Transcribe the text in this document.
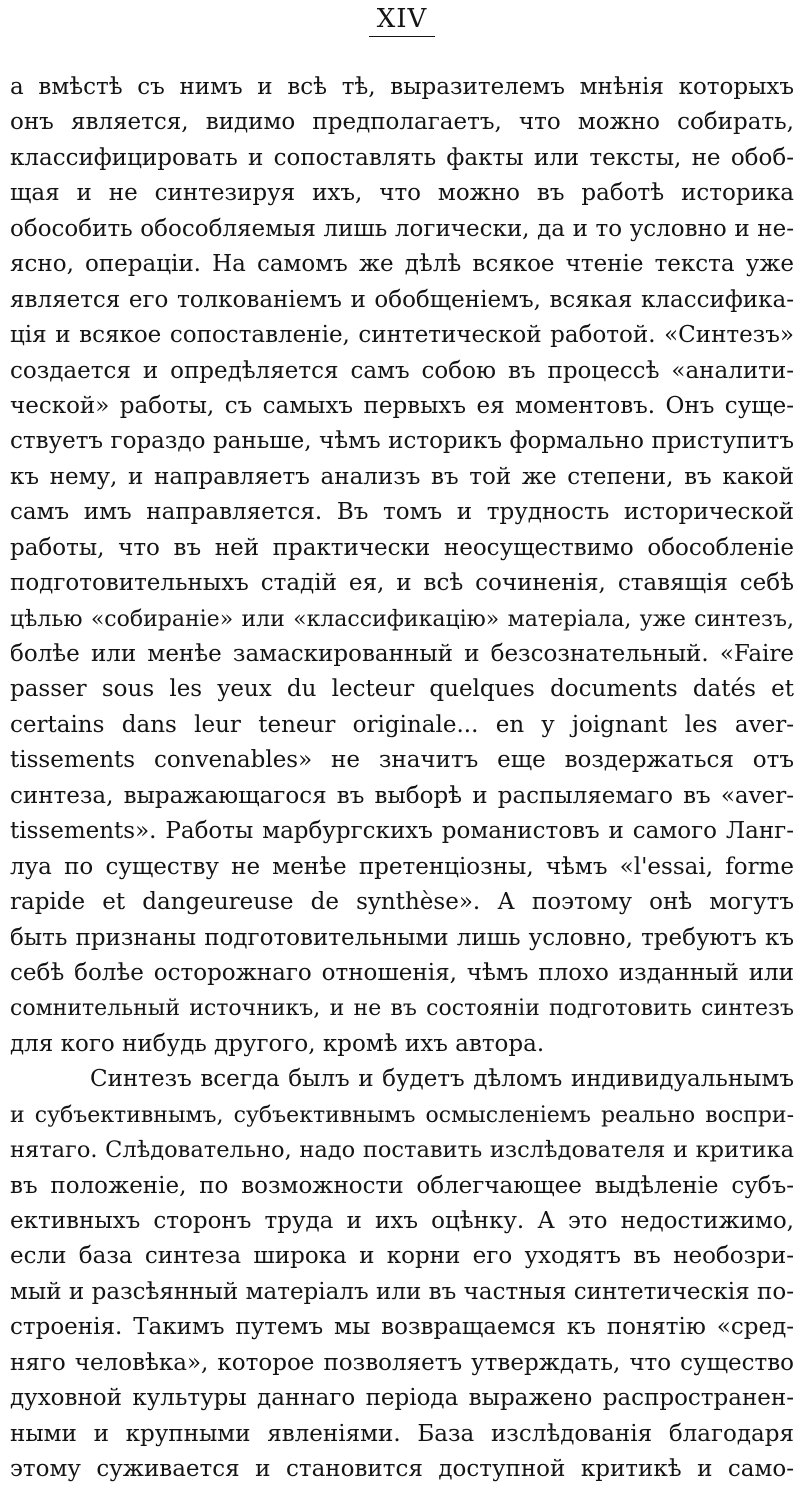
XIV
а вмѣстѣ съ нимъ и всѣ тѣ, выразителемъ мнѣнія которыхъ
онъ является, видимо предполагаетъ, что можно собирать,
классифицировать и сопоставлять факты или тексты, не обоб-
щая и не синтезируя ихъ, что можно въ работѣ историка
обособить обособляемыя лишь логически, да и то условно и не-
ясно, операціи. На самомъ же дѣлѣ всякое чтеніе текста уже
является его толкованіемъ и обобщеніемъ, всякая классифика-
ція и всякое сопоставленіе, синтетической работой. «Синтезъ»
создается и опредѣляется самъ собою въ процессѣ «аналити-
ческой» работы, съ самыхъ первыхъ ея моментовъ. Онъ суще-
ствуетъ гораздо раньше, чѣмъ историкъ формально приступитъ
къ нему, и направляетъ анализъ въ той же степени, въ какой
самъ имъ направляется. Въ томъ и трудность исторической
работы, что въ ней практически неосуществимо обособленіе
подготовительныхъ стадій ея, и всѣ сочиненія, ставящія себѣ
цѣлью «собираніе» или «классификацію» матеріала, уже синтезъ,
болѣе или менѣе замаскированный и безсознательный. «Faire
passer sous les yeux du lecteur quelques documents datés et
certains dans leur teneur originale... en y joignant les aver-
tissements convenables» не значитъ еще воздержаться отъ
синтеза, выражающагося въ выборѣ и распыляемаго въ «aver-
tissements». Работы марбургскихъ романистовъ и самого Ланг-
луа по существу не менѣе претенціозны, чѣмъ «l'essai, forme
rapide et dangeureuse de synthèse». А поэтому онѣ могутъ
быть признаны подготовительными лишь условно, требуютъ къ
себѣ болѣе осторожнаго отношенія, чѣмъ плохо изданный или
сомнительный источникъ, и не въ состояніи подготовить синтезъ
для кого нибудь другого, кромѣ ихъ автора.
Синтезъ всегда былъ и будетъ дѣломъ индивидуальнымъ
и субъективнымъ, субъективнымъ осмысленіемъ реально воспри-
нятаго. Слѣдовательно, надо поставить изслѣдователя и критика
въ положеніе, по возможности облегчающее выдѣленіе субъ-
ективныхъ сторонъ труда и ихъ оцѣнку. А это недостижимо,
если база синтеза широка и корни его уходятъ въ необозри-
мый и разсѣянный матеріалъ или въ частныя синтетическія по-
строенія. Такимъ путемъ мы возвращаемся къ понятію «сред-
няго человѣка», которое позволяетъ утверждать, что существо
духовной культуры даннаго періода выражено распространен-
ными и крупными явленіями. База изслѣдованія благодаря
этому суживается и становится доступной критикѣ и само-
